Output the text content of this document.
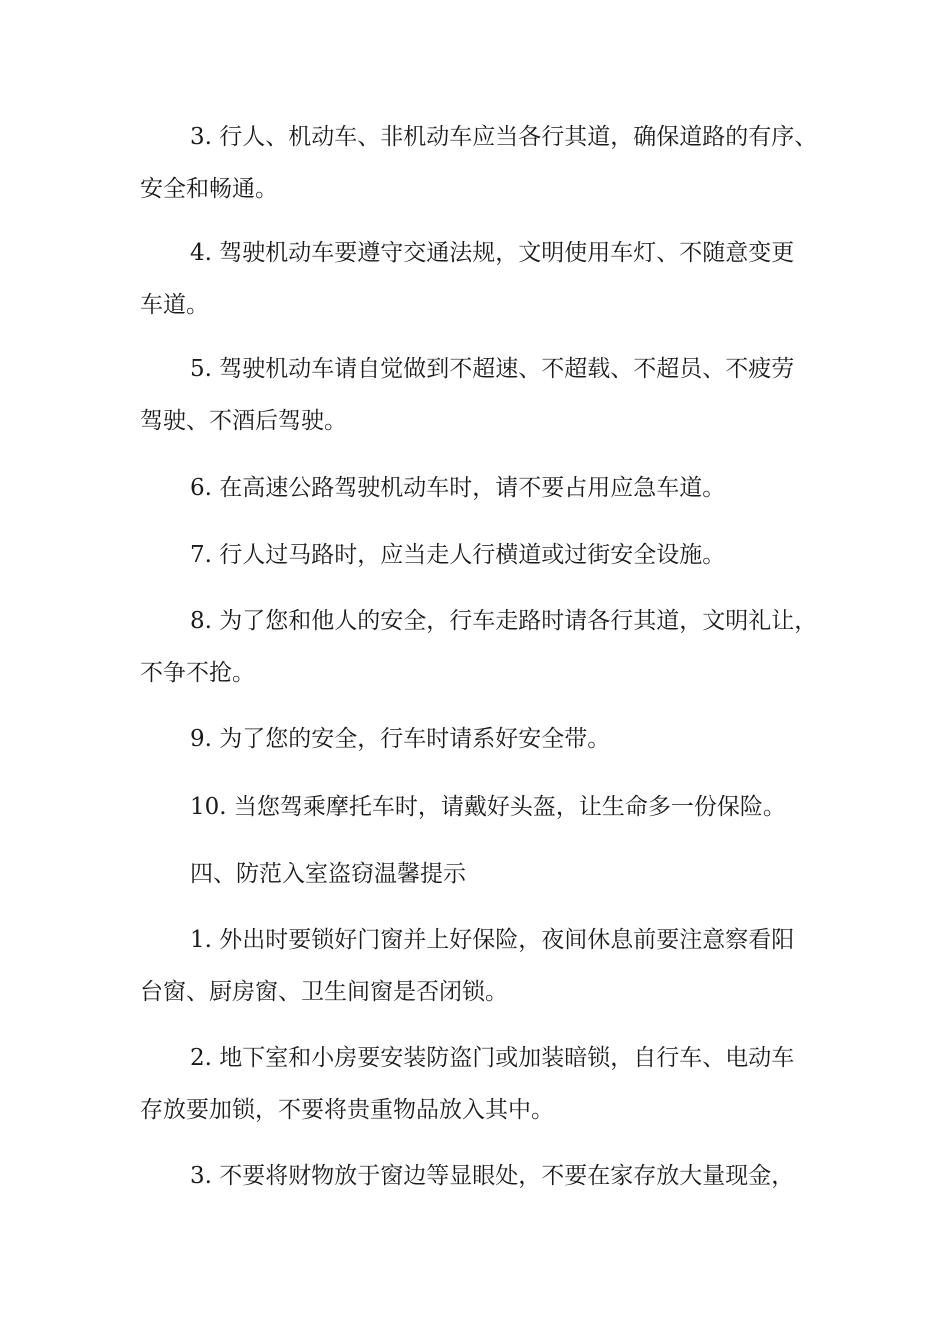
3. 行人、机动车、非机动车应当各行其道，确保道路的有序、

安全和畅通。

4. 驾驶机动车要遵守交通法规，文明使用车灯、不随意变更

车道。

5. 驾驶机动车请自觉做到不超速、不超载、不超员、不疲劳

驾驶、不酒后驾驶。

6. 在高速公路驾驶机动车时，请不要占用应急车道。

7. 行人过马路时，应当走人行横道或过街安全设施。

8. 为了您和他人的安全，行车走路时请各行其道，文明礼让，

不争不抢。

9. 为了您的安全，行车时请系好安全带。

10. 当您驾乘摩托车时，请戴好头盔，让生命多一份保险。

四、防范入室盗窃温馨提示

1. 外出时要锁好门窗并上好保险，夜间休息前要注意察看阳

台窗、厨房窗、卫生间窗是否闭锁。

2. 地下室和小房要安装防盗门或加装暗锁，自行车、电动车

存放要加锁，不要将贵重物品放入其中。

3. 不要将财物放于窗边等显眼处，不要在家存放大量现金，
